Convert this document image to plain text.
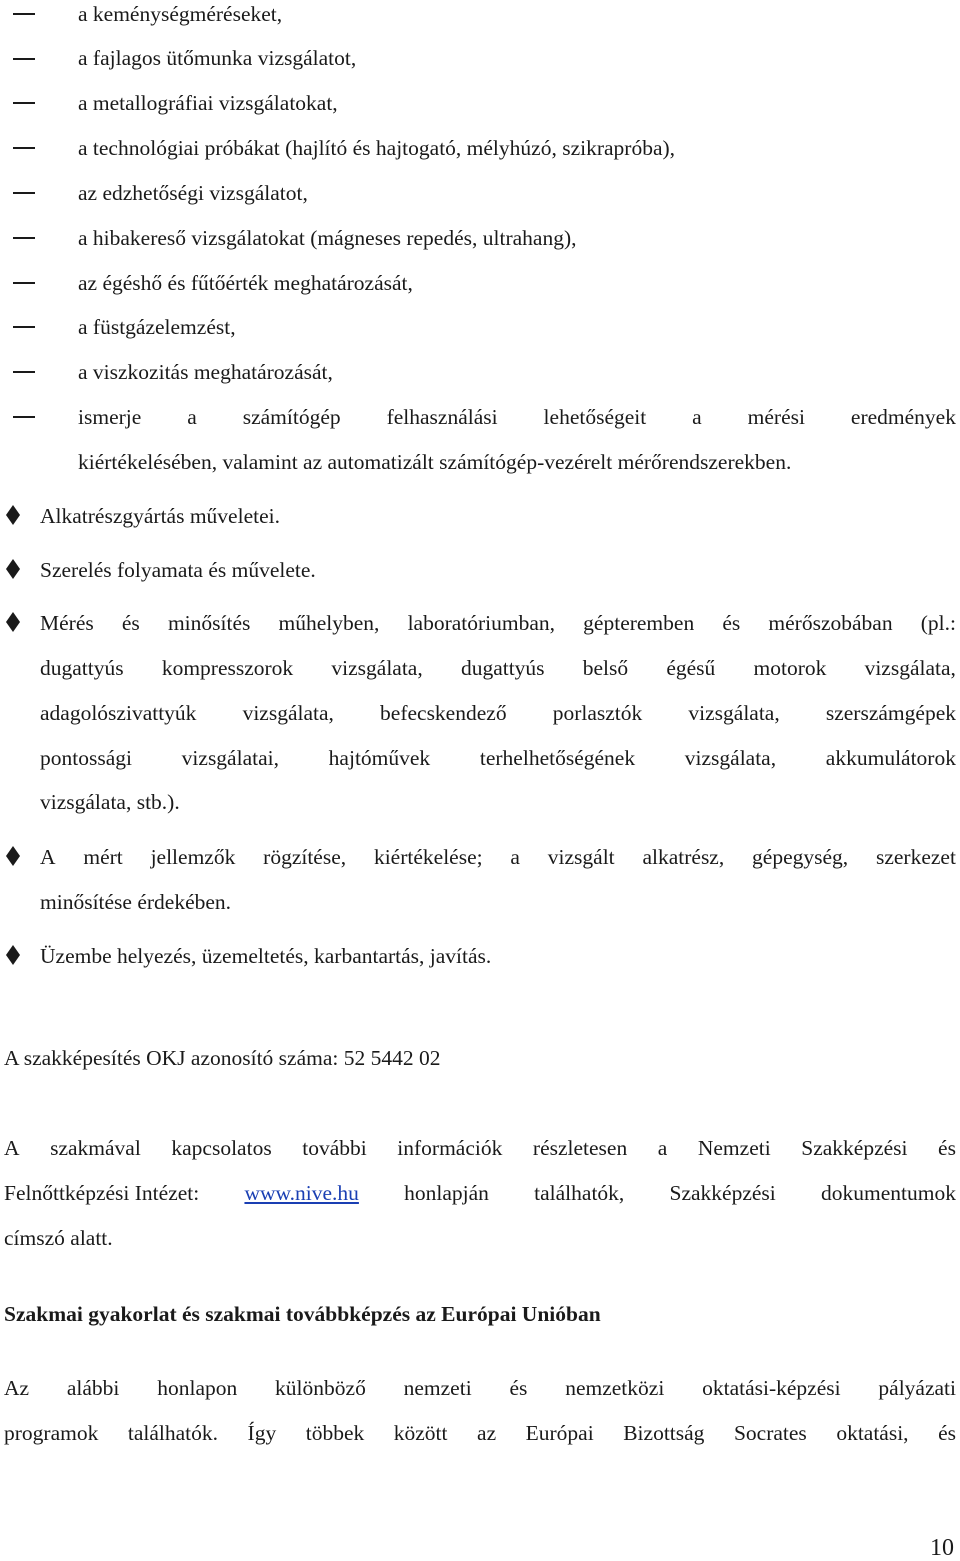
a keménységméréseket,
a fajlagos ütőmunka vizsgálatot,
a metallográfiai vizsgálatokat,
a technológiai próbákat (hajlító és hajtogató, mélyhúzó, szikrapróba),
az edzhetőségi vizsgálatot,
a hibakereső vizsgálatokat (mágneses repedés, ultrahang),
az égéshő és fűtőérték meghatározását,
a füstgázelemzést,
a viszkozitás meghatározását,
ismerje a számítógép felhasználási lehetőségeit a mérési eredmények
kiértékelésében, valamint az automatizált számítógép-vezérelt mérőrendszerekben.
Alkatrészgyártás műveletei.
Szerelés folyamata és művelete.
Mérés és minősítés műhelyben, laboratóriumban, gépteremben és mérőszobában (pl.:
dugattyús kompresszorok vizsgálata, dugattyús belső égésű motorok vizsgálata,
adagolószivattyúk vizsgálata, befecskendező porlasztók vizsgálata, szerszámgépek
pontossági vizsgálatai, hajtóművek terhelhetőségének vizsgálata, akkumulátorok
vizsgálata, stb.).
A mért jellemzők rögzítése, kiértékelése; a vizsgált alkatrész, gépegység, szerkezet
minősítése érdekében.
Üzembe helyezés, üzemeltetés, karbantartás, javítás.
A szakképesítés OKJ azonosító száma: 52 5442 02
A szakmával kapcsolatos további információk részletesen a Nemzeti Szakképzési és
Felnőttképzési Intézet: www.nive.hu honlapján találhatók, Szakképzési dokumentumok
címszó alatt.
Szakmai gyakorlat és szakmai továbbképzés az Európai Unióban
Az alábbi honlapon különböző nemzeti és nemzetközi oktatási-képzési pályázati
programok találhatók. Így többek között az Európai Bizottság Socrates oktatási, és
10
